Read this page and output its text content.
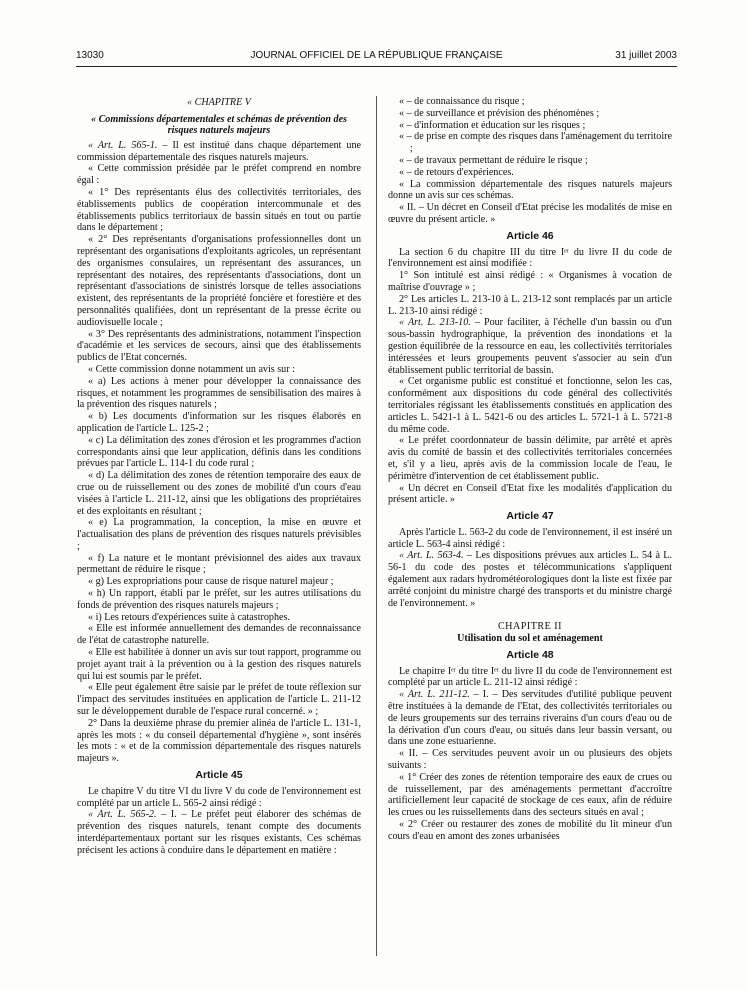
13030	JOURNAL OFFICIEL DE LA RÉPUBLIQUE FRANÇAISE	31 juillet 2003
« CHAPITRE V
« Commissions départementales et schémas de prévention des risques naturels majeurs

« Art. L. 565-1. – Il est institué dans chaque département une commission départementale des risques naturels majeurs.

« Cette commission présidée par le préfet comprend en nombre égal :

« 1° Des représentants élus des collectivités territoriales, des établissements publics de coopération intercommunale et des établissements publics territoriaux de bassin situés en tout ou partie dans le département ;

« 2° Des représentants d'organisations professionnelles dont un représentant des organisations d'exploitants agricoles, un représentant des organismes consulaires, un représentant des assurances, un représentant des notaires, des représentants d'associations, dont un représentant d'associations de sinistrés lorsque de telles associations existent, des représentants de la propriété foncière et forestière et des personnalités qualifiées, dont un représentant de la presse écrite ou audiovisuelle locale ;

« 3° Des représentants des administrations, notamment l'inspection d'académie et les services de secours, ainsi que des établissements publics de l'Etat concernés.

« Cette commission donne notamment un avis sur :

« a) Les actions à mener pour développer la connaissance des risques, et notamment les programmes de sensibilisation des maires à la prévention des risques naturels ;

« b) Les documents d'information sur les risques élaborés en application de l'article L. 125-2 ;

« c) La délimitation des zones d'érosion et les programmes d'action correspondants ainsi que leur application, définis dans les conditions prévues par l'article L. 114-1 du code rural ;

« d) La délimitation des zones de rétention temporaire des eaux de crue ou de ruissellement ou des zones de mobilité d'un cours d'eau visées à l'article L. 211-12, ainsi que les obligations des propriétaires et des exploitants en résultant ;

« e) La programmation, la conception, la mise en œuvre et l'actualisation des plans de prévention des risques naturels prévisibles ;

« f) La nature et le montant prévisionnel des aides aux travaux permettant de réduire le risque ;

« g) Les expropriations pour cause de risque naturel majeur ;

« h) Un rapport, établi par le préfet, sur les autres utilisations du fonds de prévention des risques naturels majeurs ;

« i) Les retours d'expériences suite à catastrophes.

« Elle est informée annuellement des demandes de reconnaissance de l'état de catastrophe naturelle.

« Elle est habilitée à donner un avis sur tout rapport, programme ou projet ayant trait à la prévention ou à la gestion des risques naturels qui lui est soumis par le préfet.

« Elle peut également être saisie par le préfet de toute réflexion sur l'impact des servitudes instituées en application de l'article L. 211-12 sur le développement durable de l'espace rural concerné. » ;

2° Dans la deuxième phrase du premier alinéa de l'article L. 131-1, après les mots : « du conseil départemental d'hygiène », sont insérés les mots : « et de la commission départementale des risques naturels majeurs ».

Article 45

Le chapitre V du titre VI du livre V du code de l'environnement est complété par un article L. 565-2 ainsi rédigé :

« Art. L. 565-2. – I. – Le préfet peut élaborer des schémas de prévention des risques naturels, tenant compte des documents interdépartementaux portant sur les risques existants. Ces schémas précisent les actions à conduire dans le département en matière :

« – de connaissance du risque ;

« – de surveillance et prévision des phénomènes ;

« – d'information et éducation sur les risques ;

« – de prise en compte des risques dans l'aménagement du territoire ;

« – de travaux permettant de réduire le risque ;

« – de retours d'expériences.

« La commission départementale des risques naturels majeurs donne un avis sur ces schémas.

« II. – Un décret en Conseil d'Etat précise les modalités de mise en œuvre du présent article. »

Article 46

La section 6 du chapitre III du titre Iᵉʳ du livre II du code de l'environnement est ainsi modifiée :

1° Son intitulé est ainsi rédigé : « Organismes à vocation de maîtrise d'ouvrage » ;

2° Les articles L. 213-10 à L. 213-12 sont remplacés par un article L. 213-10 ainsi rédigé :

« Art. L. 213-10. – Pour faciliter, à l'échelle d'un bassin ou d'un sous-bassin hydrographique, la prévention des inondations et la gestion équilibrée de la ressource en eau, les collectivités territoriales intéressées et leurs groupements peuvent s'associer au sein d'un établissement public territorial de bassin.

« Cet organisme public est constitué et fonctionne, selon les cas, conformément aux dispositions du code général des collectivités territoriales régissant les établissements constitués en application des articles L. 5421-1 à L. 5421-6 ou des articles L. 5721-1 à L. 5721-8 du même code.

« Le préfet coordonnateur de bassin délimite, par arrêté et après avis du comité de bassin et des collectivités territoriales concernées et, s'il y a lieu, après avis de la commission locale de l'eau, le périmètre d'intervention de cet établissement public.

« Un décret en Conseil d'Etat fixe les modalités d'application du présent article. »

Article 47

Après l'article L. 563-2 du code de l'environnement, il est inséré un article L. 563-4 ainsi rédigé :

« Art. L. 563-4. – Les dispositions prévues aux articles L. 54 à L. 56-1 du code des postes et télécommunications s'appliquent également aux radars hydrométéorologiques dont la liste est fixée par arrêté conjoint du ministre chargé des transports et du ministre chargé de l'environnement. »

CHAPITRE II
Utilisation du sol et aménagement
Article 48

Le chapitre Iᵉʳ du titre Iᵉʳ du livre II du code de l'environnement est complété par un article L. 211-12 ainsi rédigé :

« Art. L. 211-12. – I. – Des servitudes d'utilité publique peuvent être instituées à la demande de l'Etat, des collectivités territoriales ou de leurs groupements sur des terrains riverains d'un cours d'eau ou de la dérivation d'un cours d'eau, ou situés dans leur bassin versant, ou dans une zone estuarienne.

« II. – Ces servitudes peuvent avoir un ou plusieurs des objets suivants :

« 1° Créer des zones de rétention temporaire des eaux de crues ou de ruissellement, par des aménagements permettant d'accroître artificiellement leur capacité de stockage de ces eaux, afin de réduire les crues ou les ruissellements dans des secteurs situés en aval ;

« 2° Créer ou restaurer des zones de mobilité du lit mineur d'un cours d'eau en amont des zones urbanisées
